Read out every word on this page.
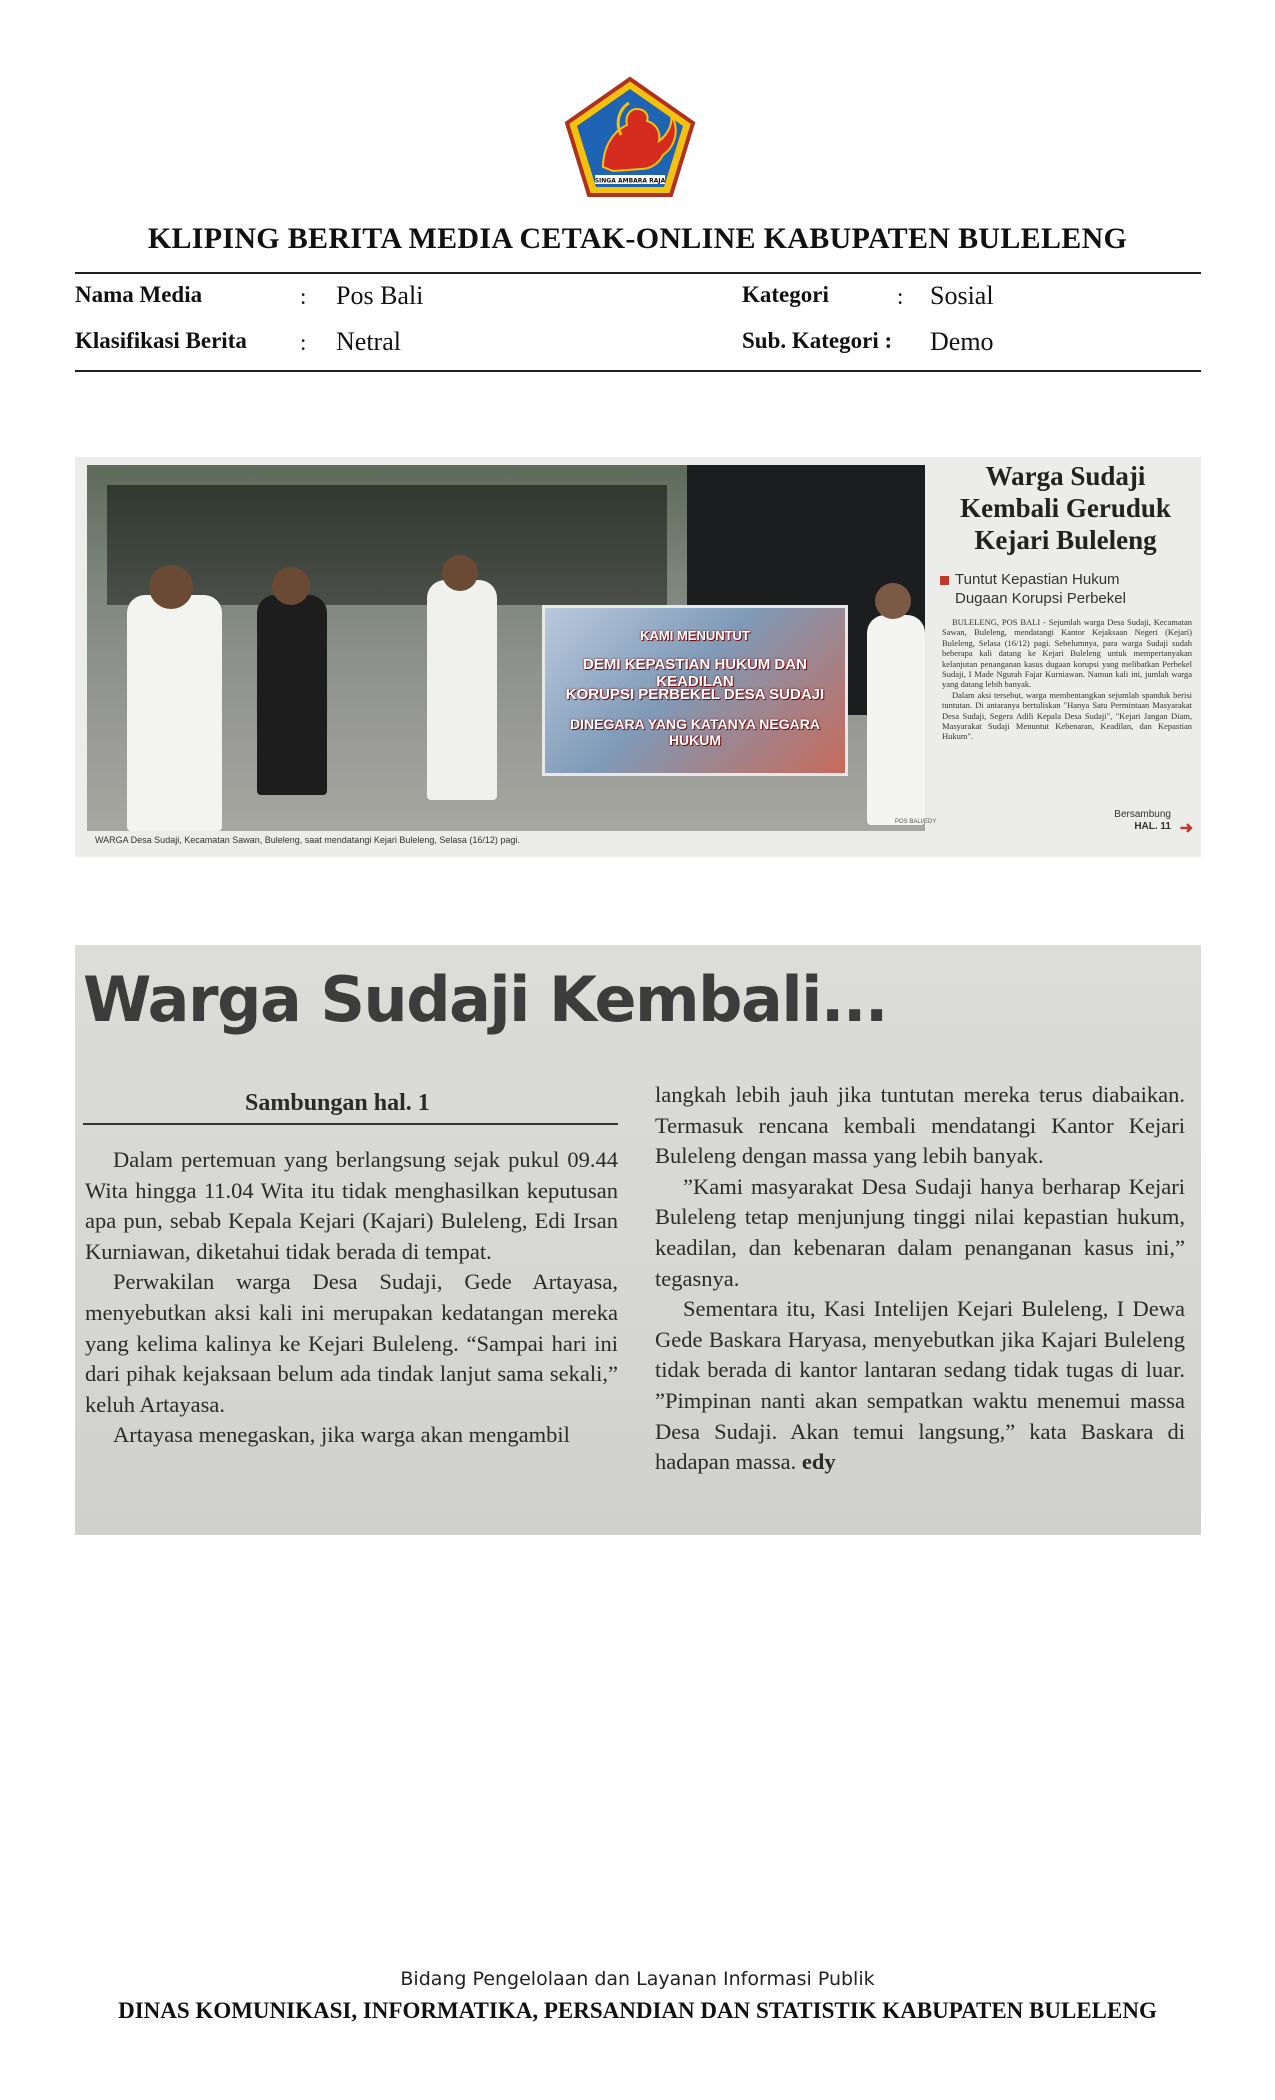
SINGA AMBARA RAJA
KLIPING BERITA MEDIA CETAK-ONLINE KABUPATEN BULELENG
Nama Media	: Pos Bali	Kategori	: Sosial
Klasifikasi Berita : Netral	Sub. Kategori : Demo
KAMI MENUNTUT
DEMI KEPASTIAN HUKUM DAN KEADILAN
KORUPSI PERBEKEL DESA SUDAJI
DINEGARA YANG KATANYA NEGARA HUKUM
POS BALI/EDY
WARGA Desa Sudaji, Kecamatan Sawan, Buleleng, saat mendatangi Kejari Buleleng, Selasa (16/12) pagi.
Warga Sudaji
Kembali Geruduk
Kejari Buleleng
Tuntut Kepastian Hukum
Dugaan Korupsi Perbekel

BULELENG, POS BALI - Sejumlah warga Desa Sudaji, Kecamatan Sawan, Buleleng, mendatangi Kantor Kejaksaan Negeri (Kejari) Buleleng, Selasa (16/12) pagi. Sebelumnya, para warga Sudaji sudah beberapa kali datang ke Kejari Buleleng untuk mempertanyakan kelanjutan penanganan kasus dugaan korupsi yang melibatkan Perbekel Sudaji, I Made Ngurah Fajar Kurniawan. Namun kali ini, jumlah warga yang datang lebih banyak.

Dalam aksi tersebut, warga membentangkan sejumlah spanduk berisi tuntutan. Di antaranya bertuliskan "Hanya Satu Permintaan Masyarakat Desa Sudaji, Segera Adili Kepala Desa Sudaji", "Kejari Jangan Diam, Masyarakat Sudaji Menuntut Kebenaran, Keadilan, dan Kepastian Hukum".

Bersambung
HAL. 11 ➜
Warga Sudaji Kembali...
Sambungan hal. 1

Dalam pertemuan yang berlangsung sejak pukul 09.44 Wita hingga 11.04 Wita itu tidak menghasilkan keputusan apa pun, sebab Kepala Kejari (Kajari) Buleleng, Edi Irsan Kurniawan, diketahui tidak berada di tempat.

Perwakilan warga Desa Sudaji, Gede Artayasa, menyebutkan aksi kali ini merupakan kedatangan mereka yang kelima kalinya ke Kejari Buleleng. “Sampai hari ini dari pihak kejaksaan belum ada tindak lanjut sama sekali,” keluh Artayasa.

Artayasa menegaskan, jika warga akan mengambil

langkah lebih jauh jika tuntutan mereka terus diabaikan. Termasuk rencana kembali mendatangi Kantor Kejari Buleleng dengan massa yang lebih banyak.

”Kami masyarakat Desa Sudaji hanya berharap Kejari Buleleng tetap menjunjung tinggi nilai kepastian hukum, keadilan, dan kebenaran dalam penanganan kasus ini,” tegasnya.

Sementara itu, Kasi Intelijen Kejari Buleleng, I Dewa Gede Baskara Haryasa, menyebutkan jika Kajari Buleleng tidak berada di kantor lantaran sedang tidak tugas di luar. ”Pimpinan nanti akan sempatkan waktu menemui massa Desa Sudaji. Akan temui langsung,” kata Baskara di hadapan massa. edy

Bidang Pengelolaan dan Layanan Informasi Publik
DINAS KOMUNIKASI, INFORMATIKA, PERSANDIAN DAN STATISTIK KABUPATEN BULELENG
